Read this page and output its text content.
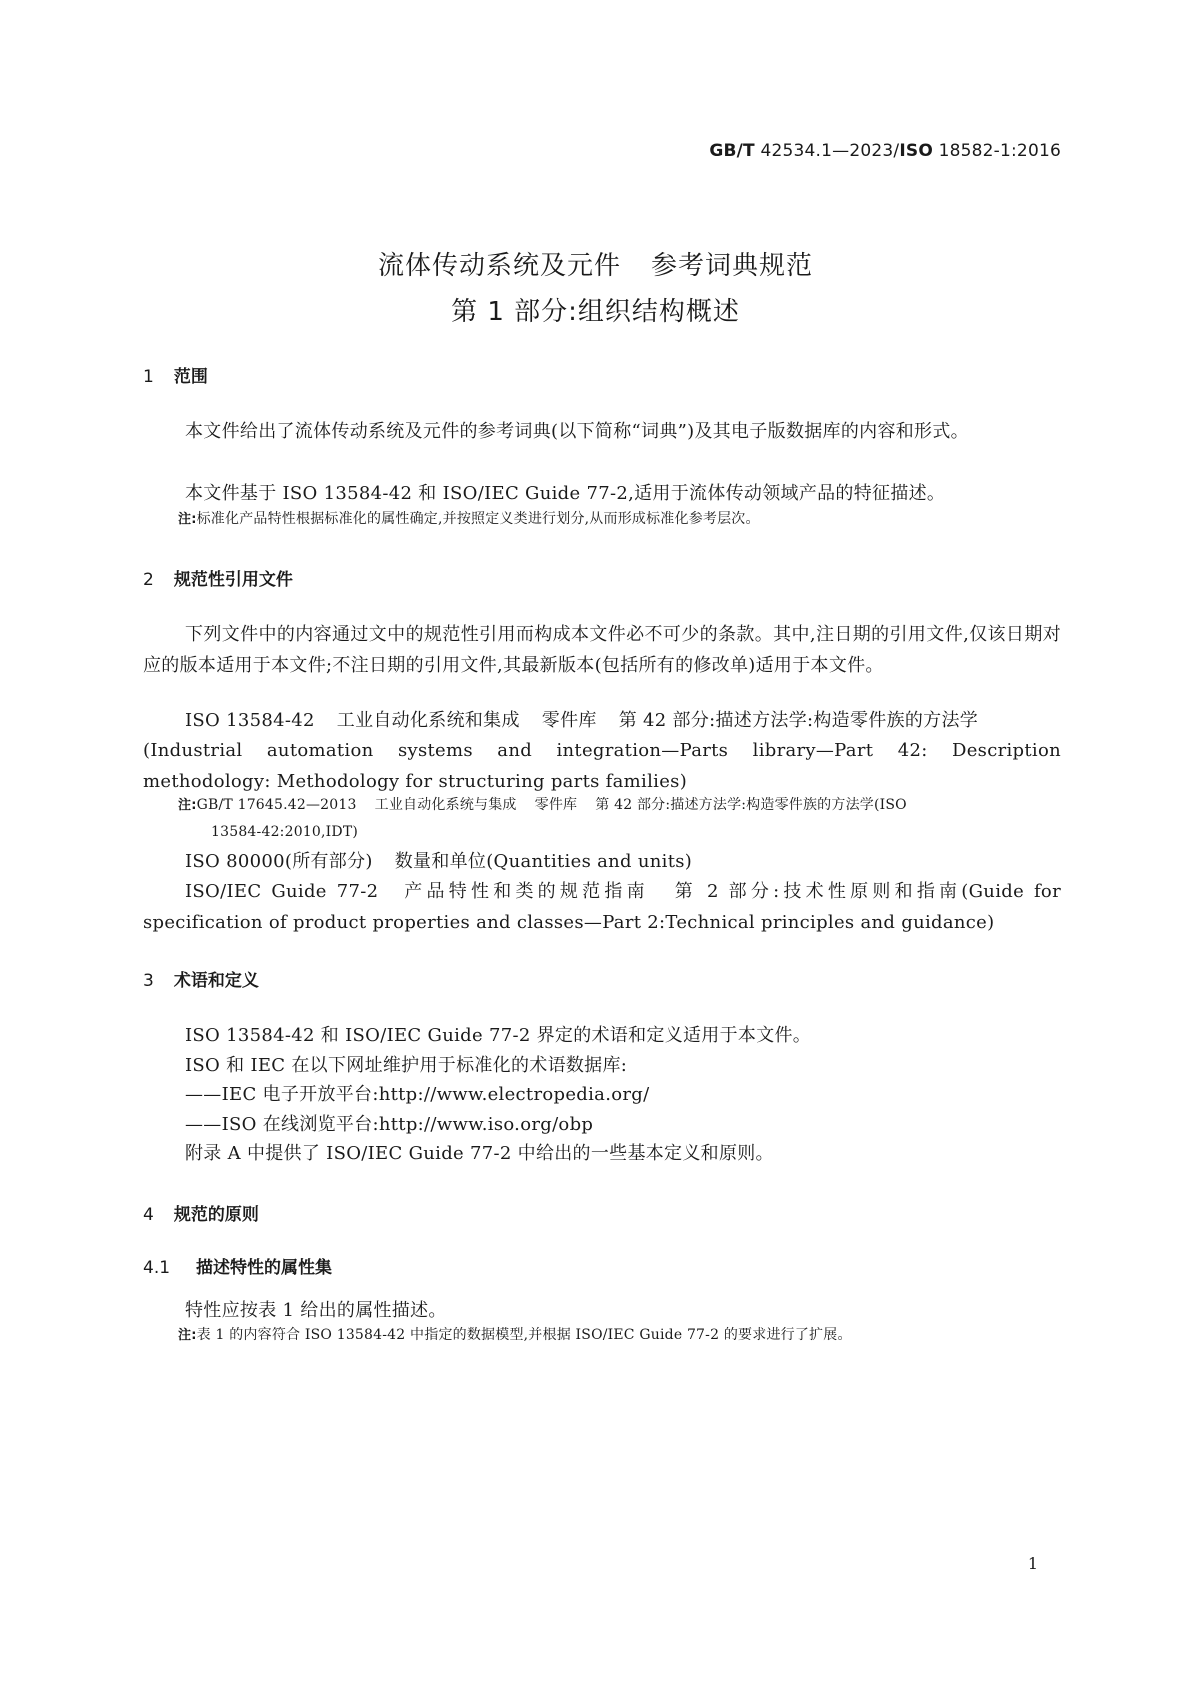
GB/T 42534.1—2023/ISO 18582-1:2016
流体传动系统及元件 参考词典规范
第 1 部分:组织结构概述
1 范围
本文件给出了流体传动系统及元件的参考词典(以下简称“词典”)及其电子版数据库的内容和形式。
本文件基于 ISO 13584-42 和 ISO/IEC Guide 77-2,适用于流体传动领域产品的特征描述。
注:标准化产品特性根据标准化的属性确定,并按照定义类进行划分,从而形成标准化参考层次。
2 规范性引用文件
下列文件中的内容通过文中的规范性引用而构成本文件必不可少的条款。其中,注日期的引用文件,仅该日期对应的版本适用于本文件;不注日期的引用文件,其最新版本(包括所有的修改单)适用于本文件。
ISO 13584-42 工业自动化系统和集成 零件库 第 42 部分:描述方法学:构造零件族的方法学
(Industrial automation systems and integration—Parts library—Part 42: Description methodology: Methodology for structuring parts families)
注:GB/T 17645.42—2013 工业自动化系统与集成 零件库 第 42 部分:描述方法学:构造零件族的方法学(ISO
13584-42:2010,IDT)
ISO 80000(所有部分) 数量和单位(Quantities and units)
ISO/IEC Guide 77-2 产品特性和类的规范指南 第 2 部分:技术性原则和指南(Guide for specification of product properties and classes—Part 2:Technical principles and guidance)
3 术语和定义
ISO 13584-42 和 ISO/IEC Guide 77-2 界定的术语和定义适用于本文件。
ISO 和 IEC 在以下网址维护用于标准化的术语数据库:
——IEC 电子开放平台:http://www.electropedia.org/
——ISO 在线浏览平台:http://www.iso.org/obp
附录 A 中提供了 ISO/IEC Guide 77-2 中给出的一些基本定义和原则。
4 规范的原则
4.1 描述特性的属性集
特性应按表 1 给出的属性描述。
注:表 1 的内容符合 ISO 13584-42 中指定的数据模型,并根据 ISO/IEC Guide 77-2 的要求进行了扩展。
1
